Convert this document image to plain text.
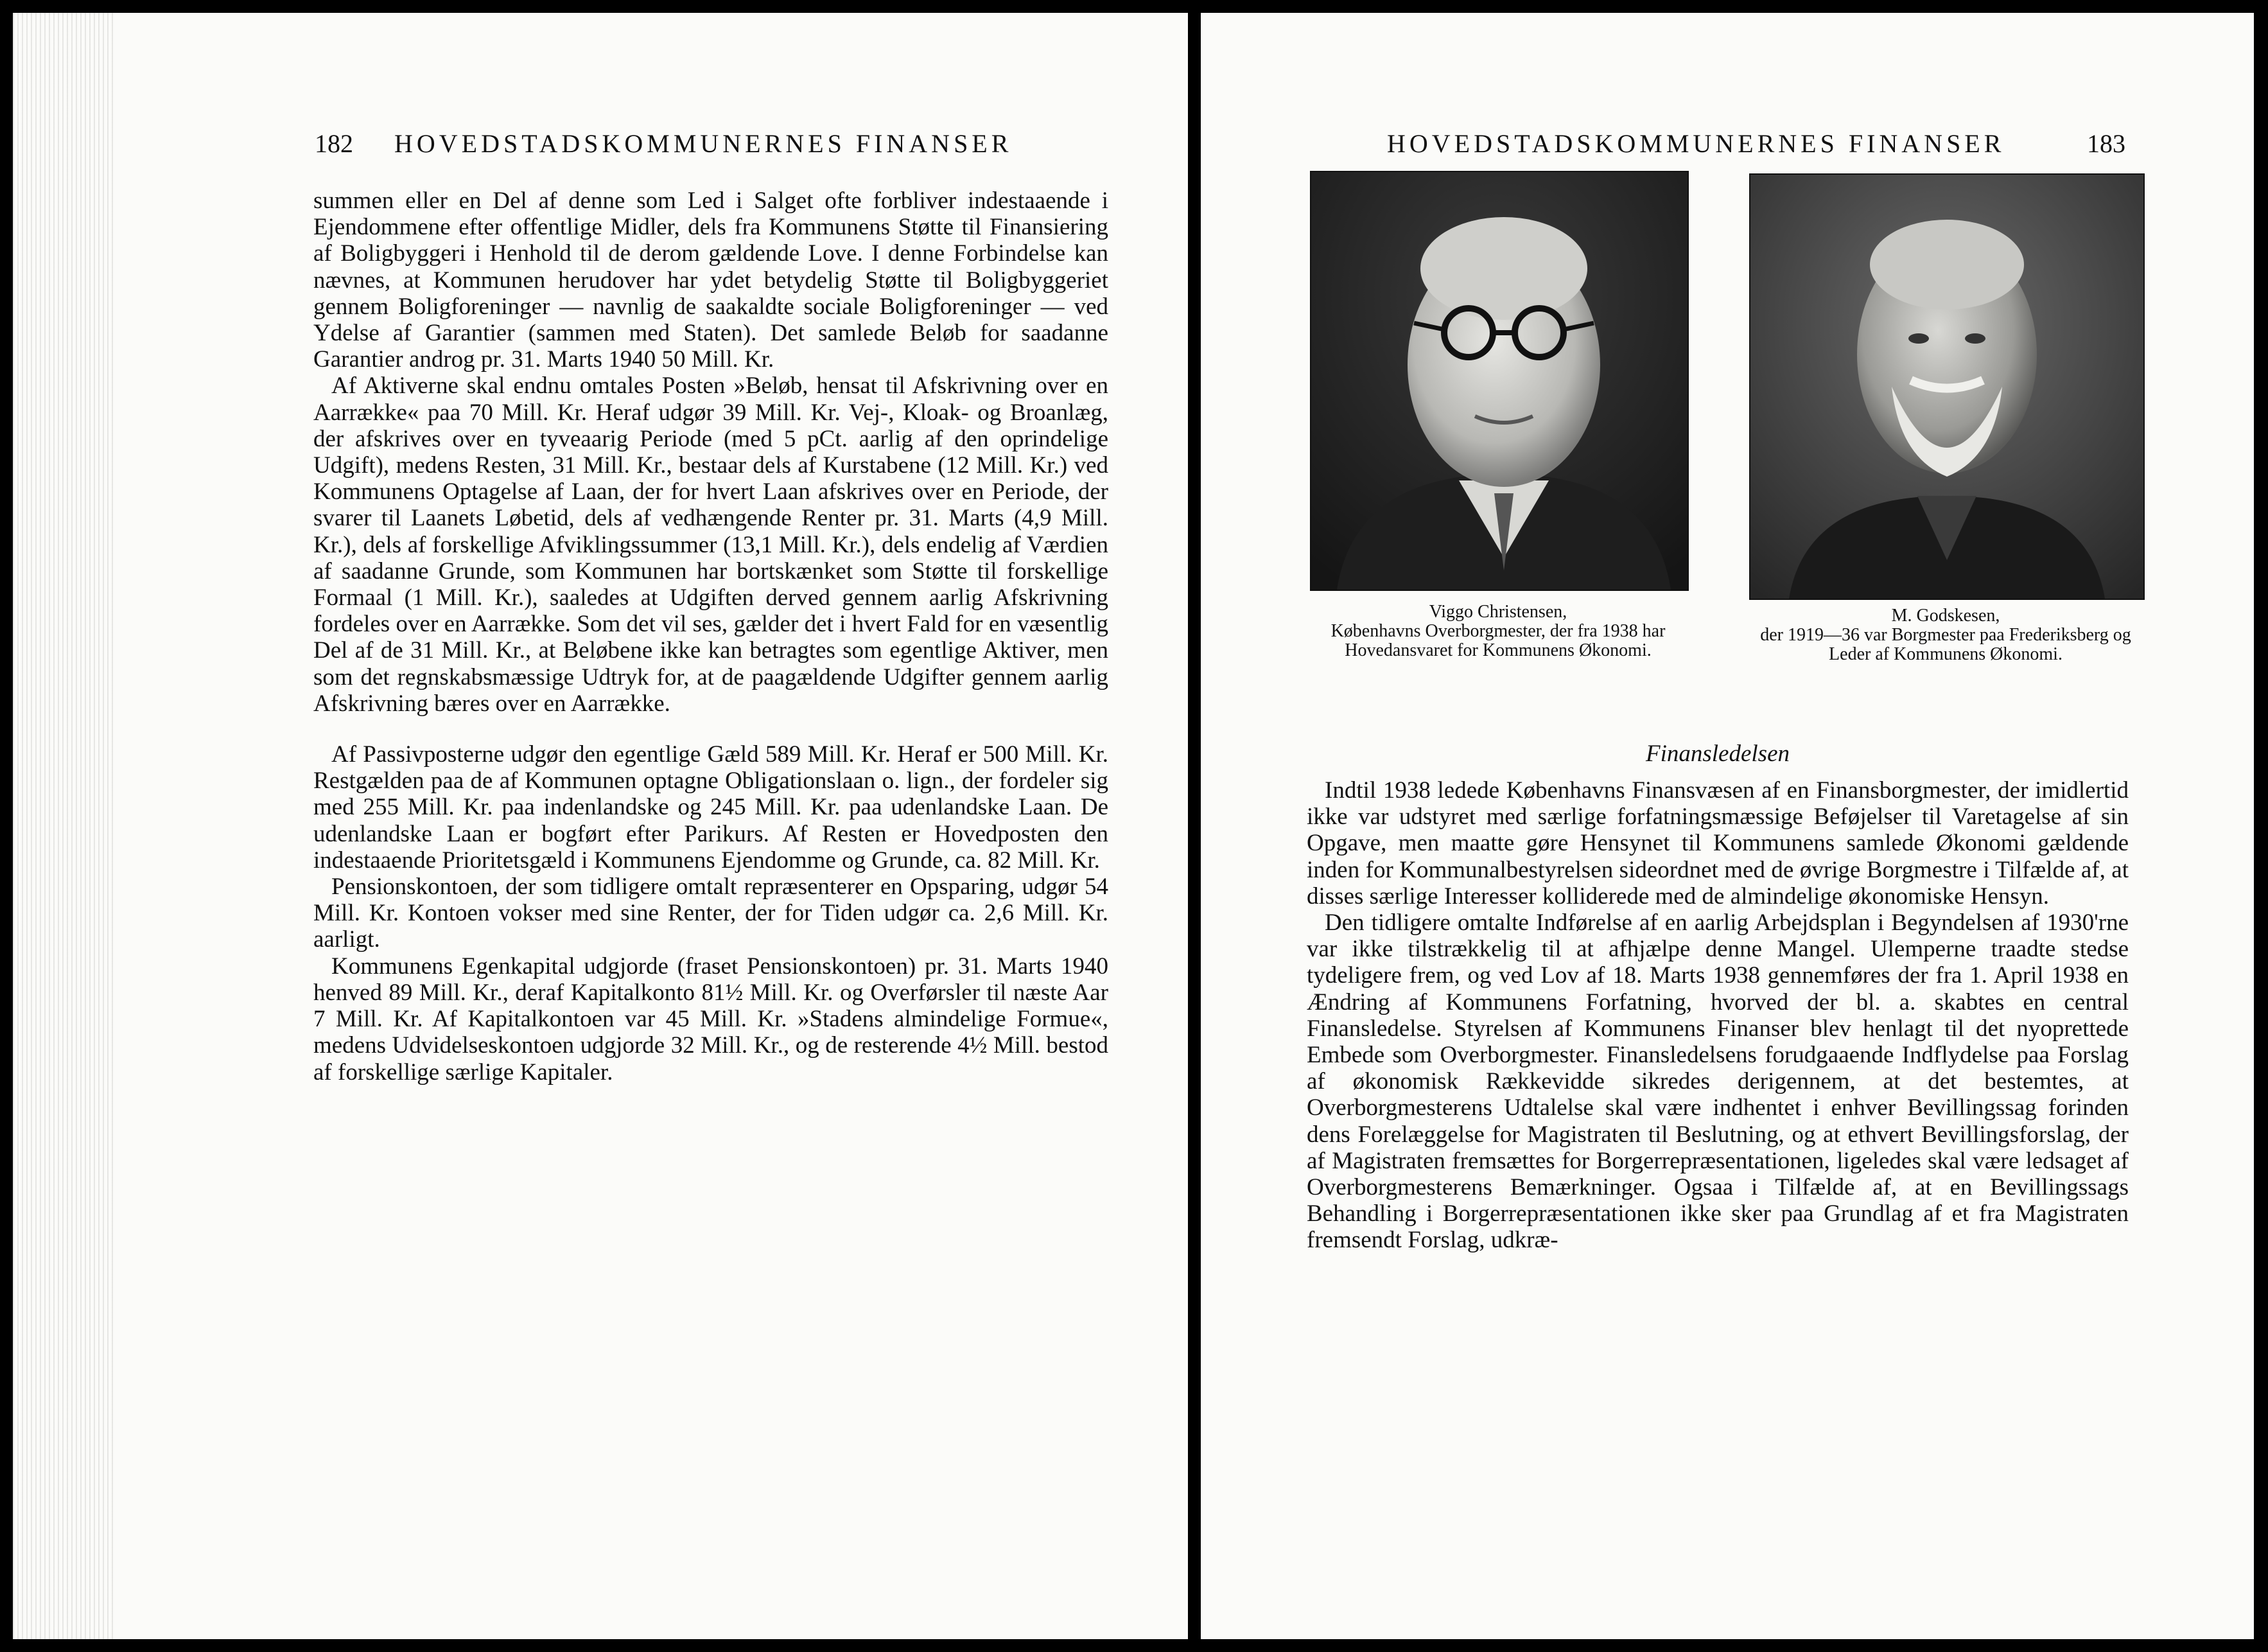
182 HOVEDSTADSKOMMUNERNES FINANSER

summen eller en Del af denne som Led i Salget ofte forbliver indestaaende i Ejendommene efter offentlige Midler, dels fra Kommunens Støtte til Finansiering af Boligbyggeri i Henhold til de derom gældende Love. I denne Forbindelse kan nævnes, at Kommunen herudover har ydet betydelig Støtte til Boligbyggeriet gennem Boligforeninger — navnlig de saakaldte sociale Boligforeninger — ved Ydelse af Garantier (sammen med Staten). Det samlede Beløb for saadanne Garantier androg pr. 31. Marts 1940 50 Mill. Kr.

Af Aktiverne skal endnu omtales Posten »Beløb, hensat til Afskrivning over en Aarrække« paa 70 Mill. Kr. Heraf udgør 39 Mill. Kr. Vej-, Kloak- og Broanlæg, der afskrives over en tyveaarig Periode (med 5 pCt. aarlig af den oprindelige Udgift), medens Resten, 31 Mill. Kr., bestaar dels af Kurstabene (12 Mill. Kr.) ved Kommunens Optagelse af Laan, der for hvert Laan afskrives over en Periode, der svarer til Laanets Løbetid, dels af vedhængende Renter pr. 31. Marts (4,9 Mill. Kr.), dels af forskellige Afviklingssummer (13,1 Mill. Kr.), dels endelig af Værdien af saadanne Grunde, som Kommunen har bortskænket som Støtte til forskellige Formaal (1 Mill. Kr.), saaledes at Udgiften derved gennem aarlig Afskrivning fordeles over en Aarrække. Som det vil ses, gælder det i hvert Fald for en væsentlig Del af de 31 Mill. Kr., at Beløbene ikke kan betragtes som egentlige Aktiver, men som det regnskabsmæssige Udtryk for, at de paagældende Udgifter gennem aarlig Afskrivning bæres over en Aarrække.

Af Passivposterne udgør den egentlige Gæld 589 Mill. Kr. Heraf er 500 Mill. Kr. Restgælden paa de af Kommunen optagne Obligationslaan o. lign., der fordeler sig med 255 Mill. Kr. paa indenlandske og 245 Mill. Kr. paa udenlandske Laan. De udenlandske Laan er bogført efter Parikurs. Af Resten er Hovedposten den indestaaende Prioritetsgæld i Kommunens Ejendomme og Grunde, ca. 82 Mill. Kr.

Pensionskontoen, der som tidligere omtalt repræsenterer en Opsparing, udgør 54 Mill. Kr. Kontoen vokser med sine Renter, der for Tiden udgør ca. 2,6 Mill. Kr. aarligt.

Kommunens Egenkapital udgjorde (fraset Pensionskontoen) pr. 31. Marts 1940 henved 89 Mill. Kr., deraf Kapitalkonto 81½ Mill. Kr. og Overførsler til næste Aar 7 Mill. Kr. Af Kapitalkontoen var 45 Mill. Kr. »Stadens almindelige Formue«, medens Udvidelseskontoen udgjorde 32 Mill. Kr., og de resterende 4½ Mill. bestod af forskellige særlige Kapitaler.

HOVEDSTADSKOMMUNERNES FINANSER	183
Viggo Christensen,
Københavns Overborgmester, der fra 1938 har Hovedansvaret for Kommunens Økonomi.
M. Godskesen,
der 1919—36 var Borgmester paa Frederiksberg og Leder af Kommunens Økonomi.
Finansledelsen

Indtil 1938 ledede Københavns Finansvæsen af en Finansborgmester, der imidlertid ikke var udstyret med særlige forfatningsmæssige Beføjelser til Varetagelse af sin Opgave, men maatte gøre Hensynet til Kommunens samlede Økonomi gældende inden for Kommunalbestyrelsen sideordnet med de øvrige Borgmestre i Tilfælde af, at disses særlige Interesser kolliderede med de almindelige økonomiske Hensyn.

Den tidligere omtalte Indførelse af en aarlig Arbejdsplan i Begyndelsen af 1930'rne var ikke tilstrækkelig til at afhjælpe denne Mangel. Ulemperne traadte stedse tydeligere frem, og ved Lov af 18. Marts 1938 gennemføres der fra 1. April 1938 en Ændring af Kommunens Forfatning, hvorved der bl. a. skabtes en central Finansledelse. Styrelsen af Kommunens Finanser blev henlagt til det nyoprettede Embede som Overborgmester. Finansledelsens forudgaaende Indflydelse paa Forslag af økonomisk Rækkevidde sikredes derigennem, at det bestemtes, at Overborgmesterens Udtalelse skal være indhentet i enhver Bevillingssag forinden dens Forelæggelse for Magistraten til Beslutning, og at ethvert Bevillingsforslag, der af Magistraten fremsættes for Borgerrepræsentationen, ligeledes skal være ledsaget af Overborgmesterens Bemærkninger. Ogsaa i Tilfælde af, at en Bevillingssags Behandling i Borgerrepræsentationen ikke sker paa Grundlag af et fra Magistraten fremsendt Forslag, udkræ-
